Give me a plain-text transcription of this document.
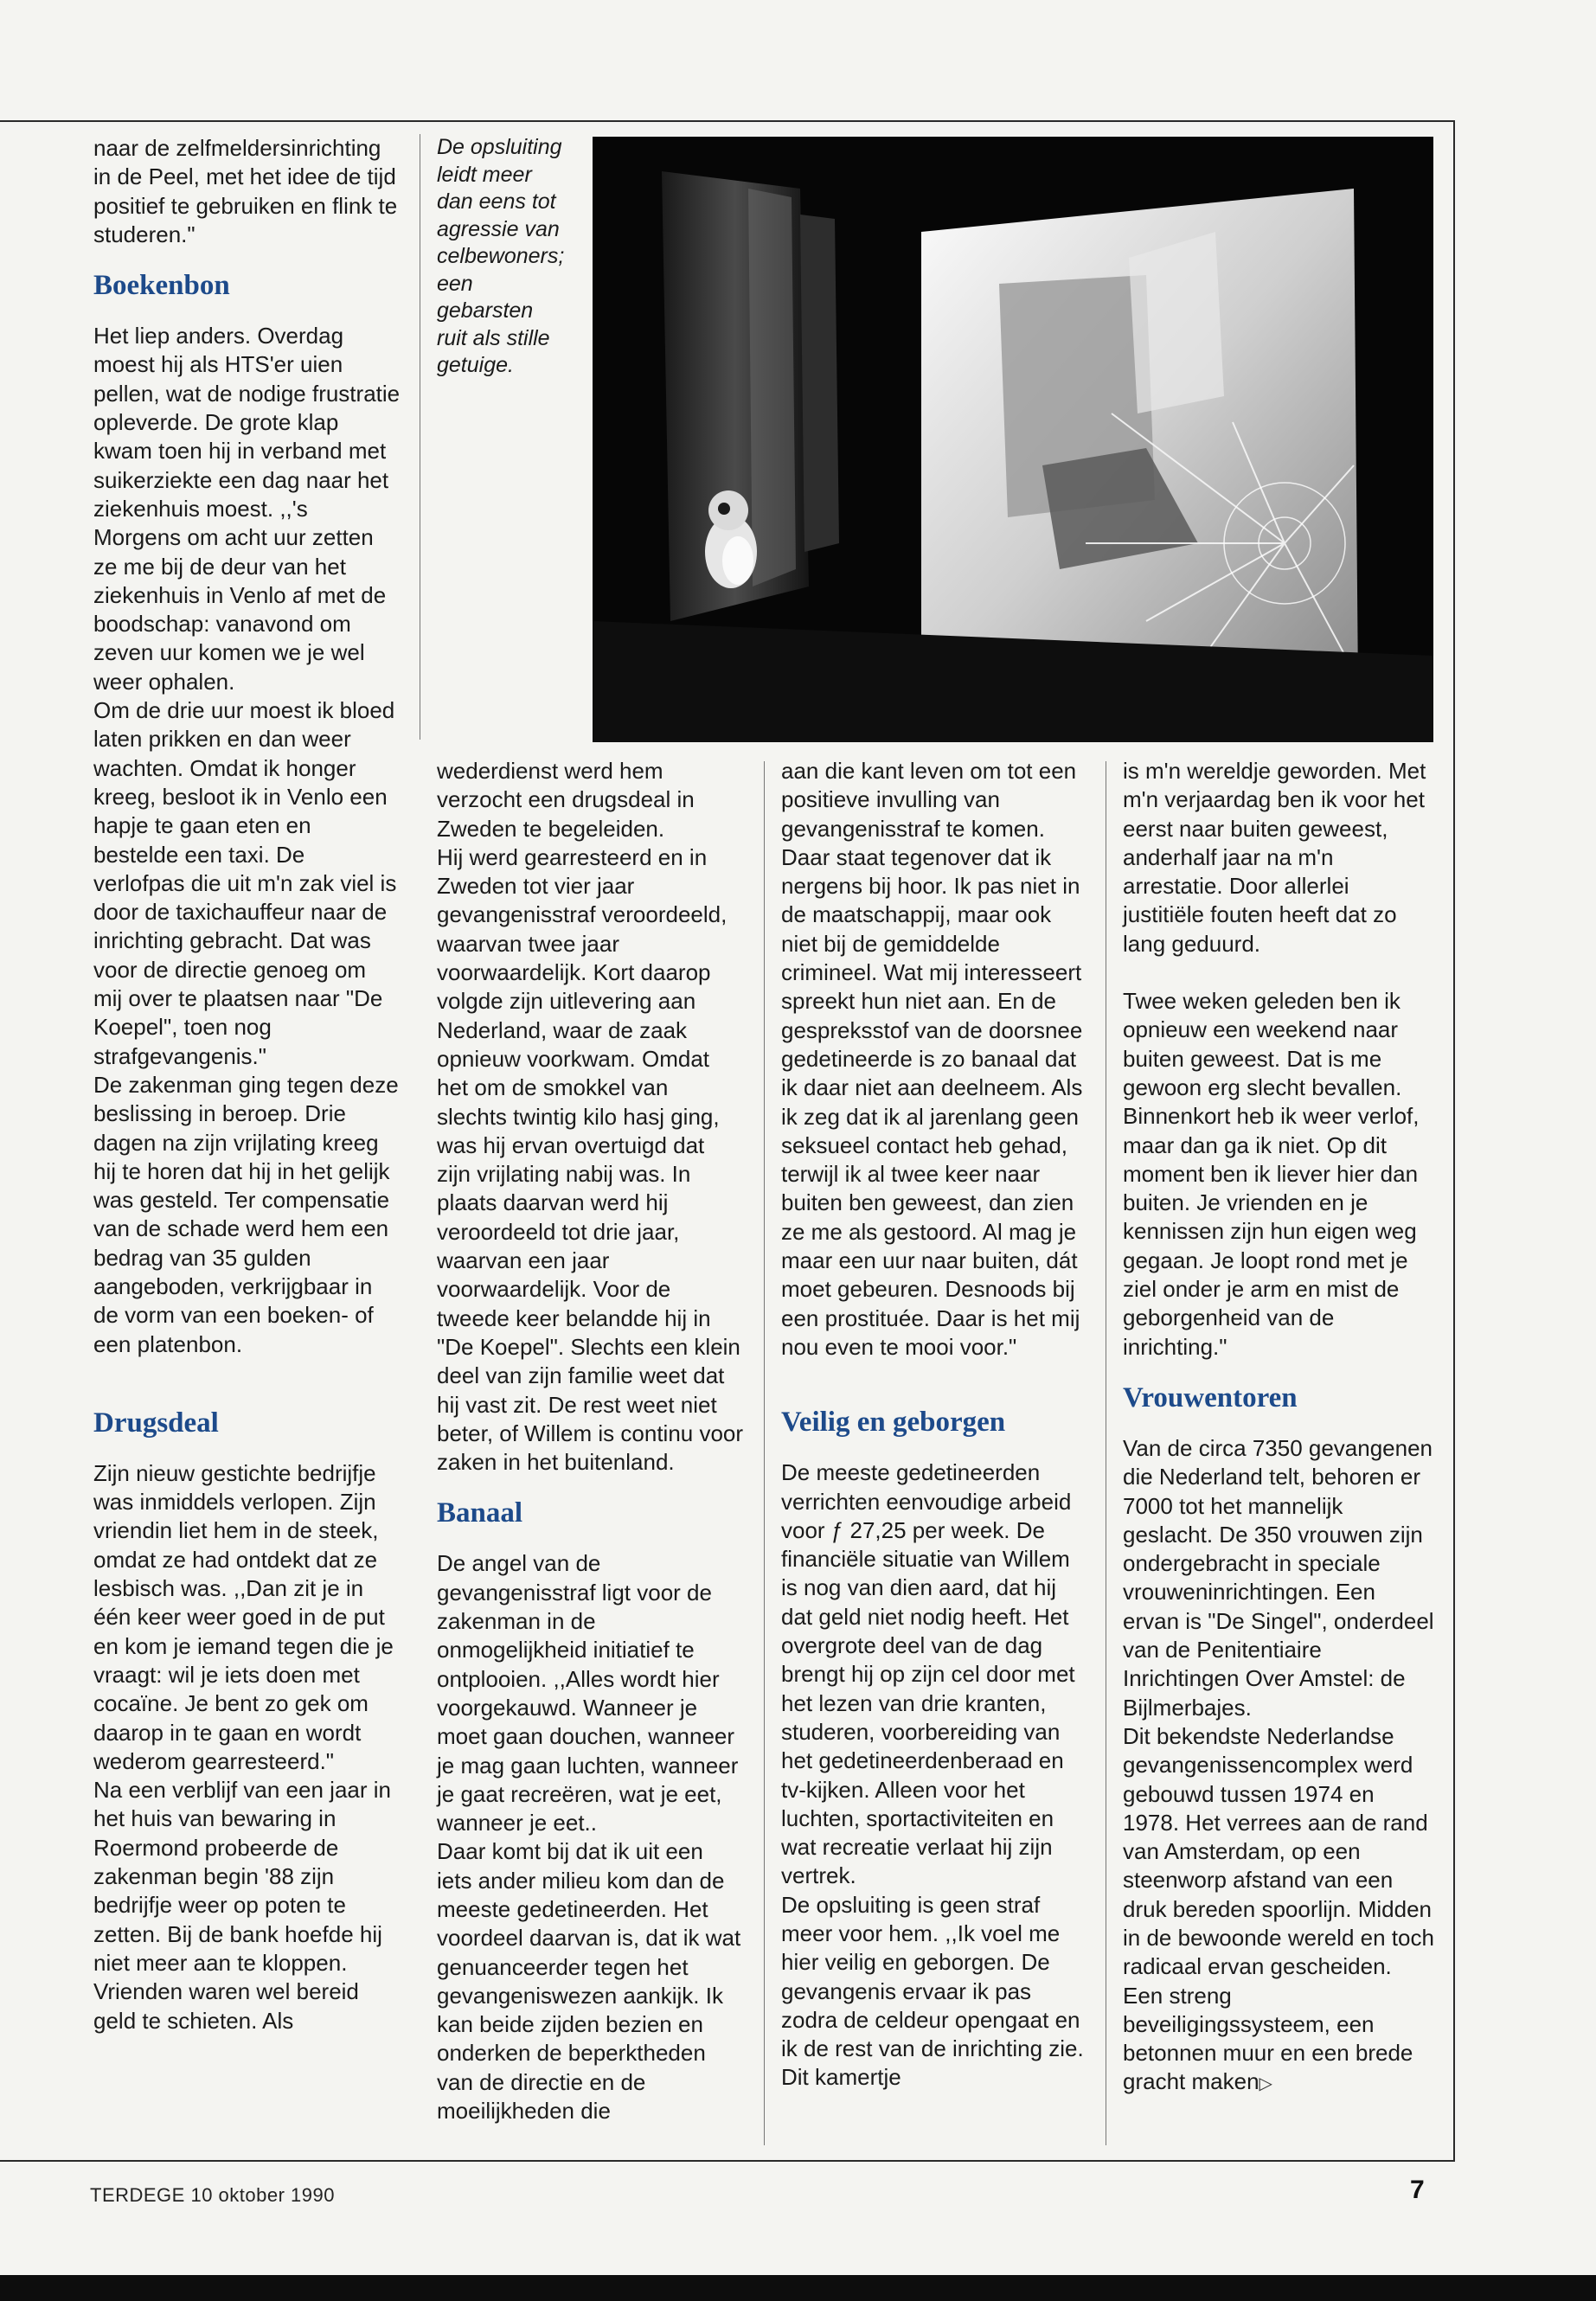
naar de zelfmeldersinrichting in de Peel, met het idee de tijd positief te gebruiken en flink te studeren."

Boekenbon

Het liep anders. Overdag moest hij als HTS'er uien pellen, wat de nodige frustratie opleverde. De grote klap kwam toen hij in verband met suikerziekte een dag naar het ziekenhuis moest. ,,'s Morgens om acht uur zetten ze me bij de deur van het ziekenhuis in Venlo af met de boodschap: vanavond om zeven uur komen we je wel weer ophalen.

Om de drie uur moest ik bloed laten prikken en dan weer wachten. Omdat ik honger kreeg, besloot ik in Venlo een hapje te gaan eten en bestelde een taxi. De verlofpas die uit m'n zak viel is door de taxichauffeur naar de inrichting gebracht. Dat was voor de directie genoeg om mij over te plaatsen naar "De Koepel", toen nog strafgevangenis."

De zakenman ging tegen deze beslissing in beroep. Drie dagen na zijn vrijlating kreeg hij te horen dat hij in het gelijk was gesteld. Ter compensatie van de schade werd hem een bedrag van 35 gulden aangeboden, verkrijgbaar in de vorm van een boeken- of een platenbon.

Drugsdeal

Zijn nieuw gestichte bedrijfje was inmiddels verlopen. Zijn vriendin liet hem in de steek, omdat ze had ontdekt dat ze lesbisch was. ,,Dan zit je in één keer weer goed in de put en kom je iemand tegen die je vraagt: wil je iets doen met cocaïne. Je bent zo gek om daarop in te gaan en wordt wederom gearresteerd."

Na een verblijf van een jaar in het huis van bewaring in Roermond probeerde de zakenman begin '88 zijn bedrijfje weer op poten te zetten. Bij de bank hoefde hij niet meer aan te kloppen. Vrienden waren wel bereid geld te schieten. Als

De opsluiting leidt meer dan eens tot agressie van celbewoners; een gebarsten ruit als stille getuige.

wederdienst werd hem verzocht een drugsdeal in Zweden te begeleiden.

Hij werd gearresteerd en in Zweden tot vier jaar gevangenisstraf veroordeeld, waarvan twee jaar voorwaardelijk. Kort daarop volgde zijn uitlevering aan Nederland, waar de zaak opnieuw voorkwam. Omdat het om de smokkel van slechts twintig kilo hasj ging, was hij ervan overtuigd dat zijn vrijlating nabij was. In plaats daarvan werd hij veroordeeld tot drie jaar, waarvan een jaar voorwaardelijk. Voor de tweede keer belandde hij in "De Koepel". Slechts een klein deel van zijn familie weet dat hij vast zit. De rest weet niet beter, of Willem is continu voor zaken in het buitenland.

Banaal

De angel van de gevangenisstraf ligt voor de zakenman in de onmogelijkheid initiatief te ontplooien. ,,Alles wordt hier voorgekauwd. Wanneer je moet gaan douchen, wanneer je mag gaan luchten, wanneer je gaat recreëren, wat je eet, wanneer je eet..

Daar komt bij dat ik uit een iets ander milieu kom dan de meeste gedetineerden. Het voordeel daarvan is, dat ik wat genuanceerder tegen het gevangeniswezen aankijk. Ik kan beide zijden bezien en onderken de beperktheden van de directie en de moeilijkheden die

aan die kant leven om tot een positieve invulling van gevangenisstraf te komen. Daar staat tegenover dat ik nergens bij hoor. Ik pas niet in de maatschappij, maar ook niet bij de gemiddelde crimineel. Wat mij interesseert spreekt hun niet aan. En de gespreksstof van de doorsnee gedetineerde is zo banaal dat ik daar niet aan deelneem. Als ik zeg dat ik al jarenlang geen seksueel contact heb gehad, terwijl ik al twee keer naar buiten ben geweest, dan zien ze me als gestoord. Al mag je maar een uur naar buiten, dát moet gebeuren. Desnoods bij een prostituée. Daar is het mij nou even te mooi voor."

Veilig en geborgen

De meeste gedetineerden verrichten eenvoudige arbeid voor ƒ 27,25 per week. De financiële situatie van Willem is nog van dien aard, dat hij dat geld niet nodig heeft. Het overgrote deel van de dag brengt hij op zijn cel door met het lezen van drie kranten, studeren, voorbereiding van het gedetineerdenberaad en tv-kijken. Alleen voor het luchten, sportactiviteiten en wat recreatie verlaat hij zijn vertrek.

De opsluiting is geen straf meer voor hem. ,,Ik voel me hier veilig en geborgen. De gevangenis ervaar ik pas zodra de celdeur opengaat en ik de rest van de inrichting zie. Dit kamertje

is m'n wereldje geworden. Met m'n verjaardag ben ik voor het eerst naar buiten geweest, anderhalf jaar na m'n arrestatie. Door allerlei justitiële fouten heeft dat zo lang geduurd.

Twee weken geleden ben ik opnieuw een weekend naar buiten geweest. Dat is me gewoon erg slecht bevallen. Binnenkort heb ik weer verlof, maar dan ga ik niet. Op dit moment ben ik liever hier dan buiten. Je vrienden en je kennissen zijn hun eigen weg gegaan. Je loopt rond met je ziel onder je arm en mist de geborgenheid van de inrichting."

Vrouwentoren

Van de circa 7350 gevangenen die Nederland telt, behoren er 7000 tot het mannelijk geslacht. De 350 vrouwen zijn ondergebracht in speciale vrouweninrichtingen. Een ervan is "De Singel", onderdeel van de Penitentiaire Inrichtingen Over Amstel: de Bijlmerbajes.

Dit bekendste Nederlandse gevangenissencomplex werd gebouwd tussen 1974 en 1978. Het verrees aan de rand van Amsterdam, op een steenworp afstand van een druk bereden spoorlijn. Midden in de bewoonde wereld en toch radicaal ervan gescheiden. Een streng beveiligingssysteem, een betonnen muur en een brede gracht maken▷

TERDEGE 10 oktober 1990	7
